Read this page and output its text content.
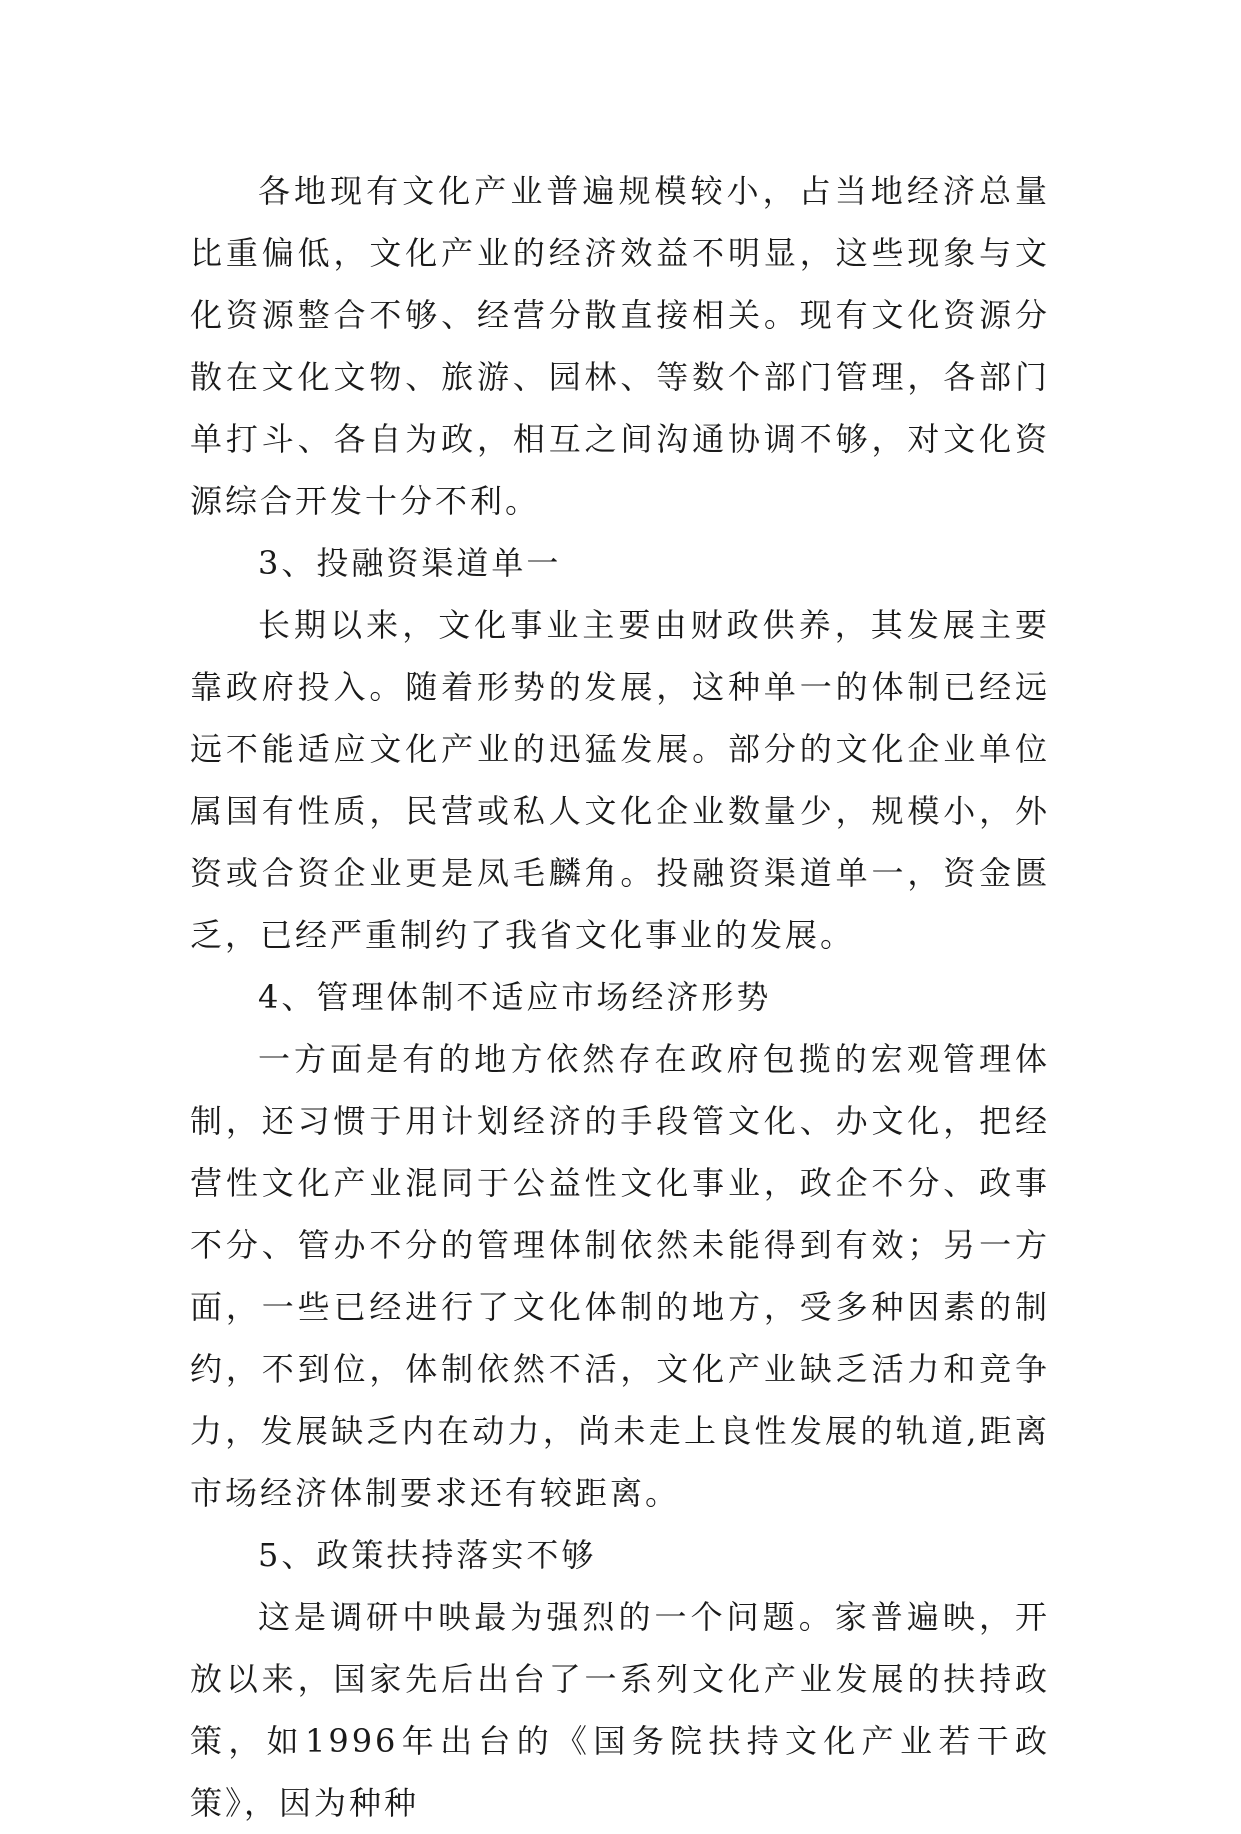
各地现有文化产业普遍规模较小，占当地经济总量比重偏低，文化产业的经济效益不明显，这些现象与文化资源整合不够、经营分散直接相关。现有文化资源分散在文化文物、旅游、园林、等数个部门管理，各部门单打斗、各自为政，相互之间沟通协调不够，对文化资源综合开发十分不利。

3、投融资渠道单一

长期以来，文化事业主要由财政供养，其发展主要靠政府投入。随着形势的发展，这种单一的体制已经远远不能适应文化产业的迅猛发展。部分的文化企业单位属国有性质，民营或私人文化企业数量少，规模小，外资或合资企业更是凤毛麟角。投融资渠道单一，资金匮乏，已经严重制约了我省文化事业的发展。

4、管理体制不适应市场经济形势

一方面是有的地方依然存在政府包揽的宏观管理体制，还习惯于用计划经济的手段管文化、办文化，把经营性文化产业混同于公益性文化事业，政企不分、政事不分、管办不分的管理体制依然未能得到有效；另一方面，一些已经进行了文化体制的地方，受多种因素的制约，不到位，体制依然不活，文化产业缺乏活力和竞争力，发展缺乏内在动力，尚未走上良性发展的轨道,距离市场经济体制要求还有较距离。

5、政策扶持落实不够

这是调研中映最为强烈的一个问题。家普遍映，开放以来，国家先后出台了一系列文化产业发展的扶持政策，如1996年出台的《国务院扶持文化产业若干政策》，因为种种
